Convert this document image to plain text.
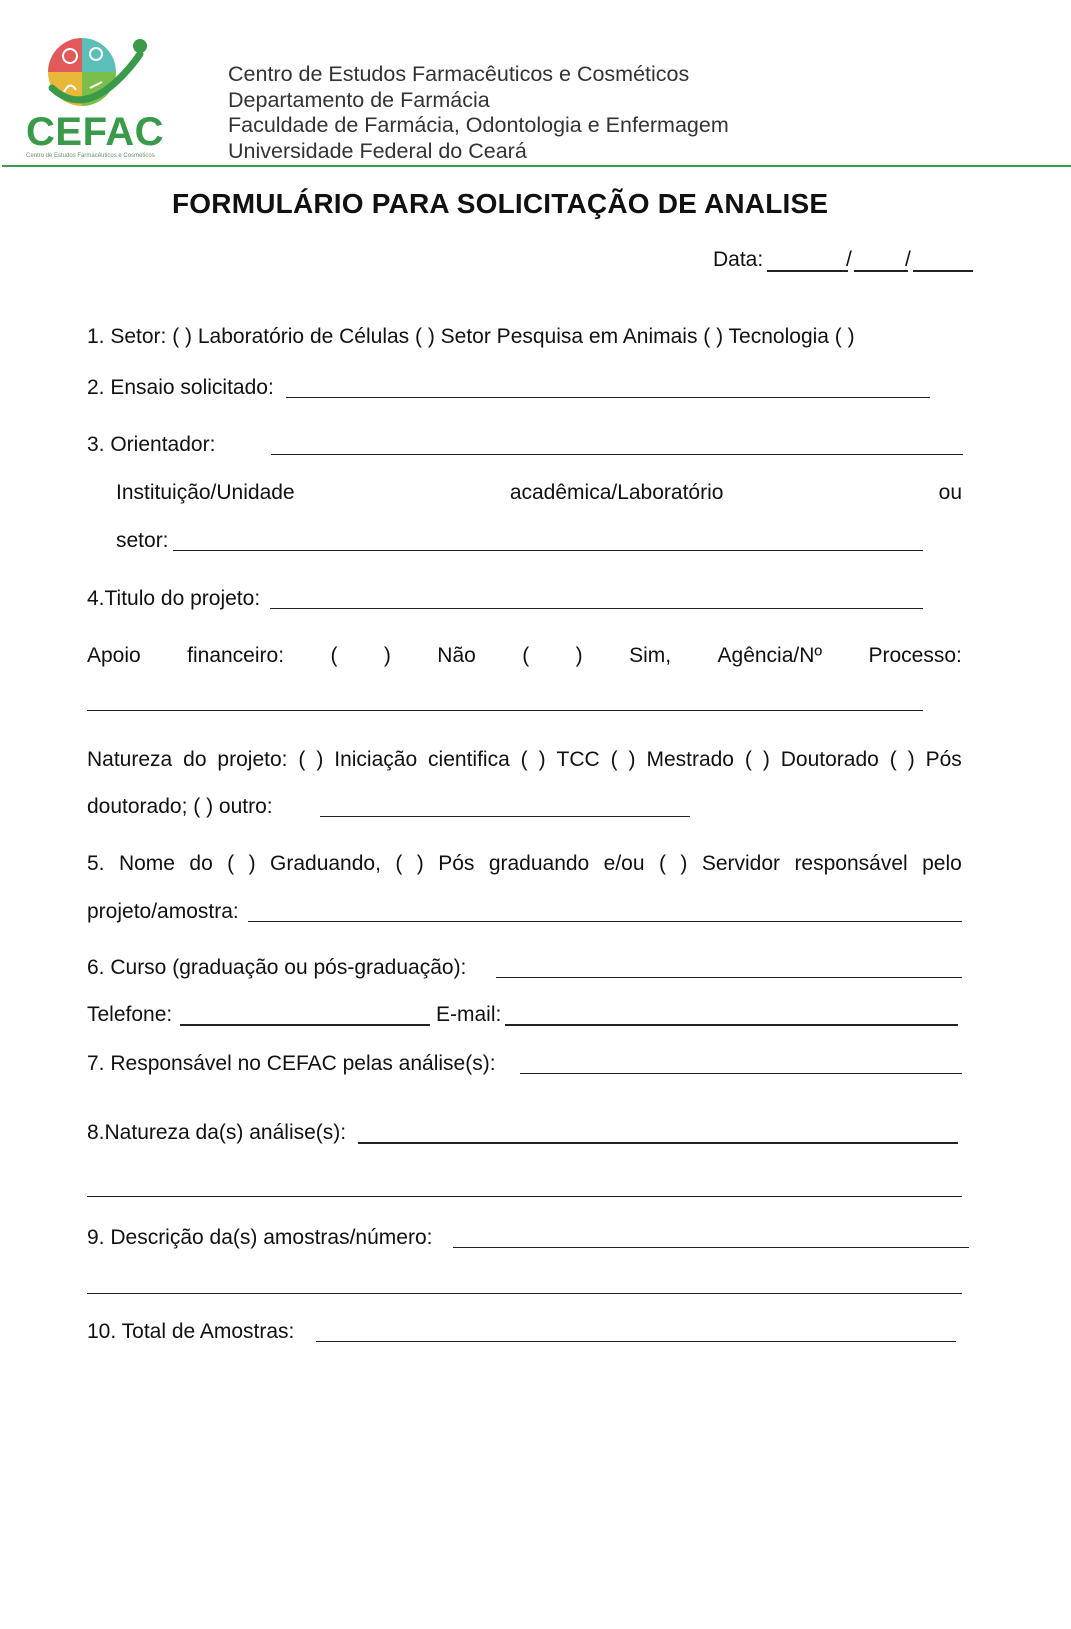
CEFAC
Centro de Estudos Farmacêuticos e Cosméticos
Centro de Estudos Farmacêuticos e Cosméticos
Departamento de Farmácia
Faculdade de Farmácia, Odontologia e Enfermagem
Universidade Federal do Ceará
FORMULÁRIO PARA SOLICITAÇÃO DE ANALISE
Data:	/	/
1. Setor: ( ) Laboratório de Células ( ) Setor Pesquisa em Animais ( ) Tecnologia ( )
2. Ensaio solicitado:
3. Orientador:
Instituição/Unidade	acadêmica/Laboratório	ou
setor:
4.Titulo do projeto:
Apoio financeiro: ( ) Não ( ) Sim, Agência/Nº Processo:
Natureza do projeto: ( ) Iniciação cientifica ( ) TCC ( ) Mestrado ( ) Doutorado ( ) Pós
doutorado; ( ) outro:
5. Nome do ( ) Graduando, ( ) Pós graduando e/ou ( ) Servidor responsável pelo
projeto/amostra:
6. Curso (graduação ou pós-graduação):
Telefone:	E-mail:
7. Responsável no CEFAC pelas análise(s):
8.Natureza da(s) análise(s):
9. Descrição da(s) amostras/número:
10. Total de Amostras:
